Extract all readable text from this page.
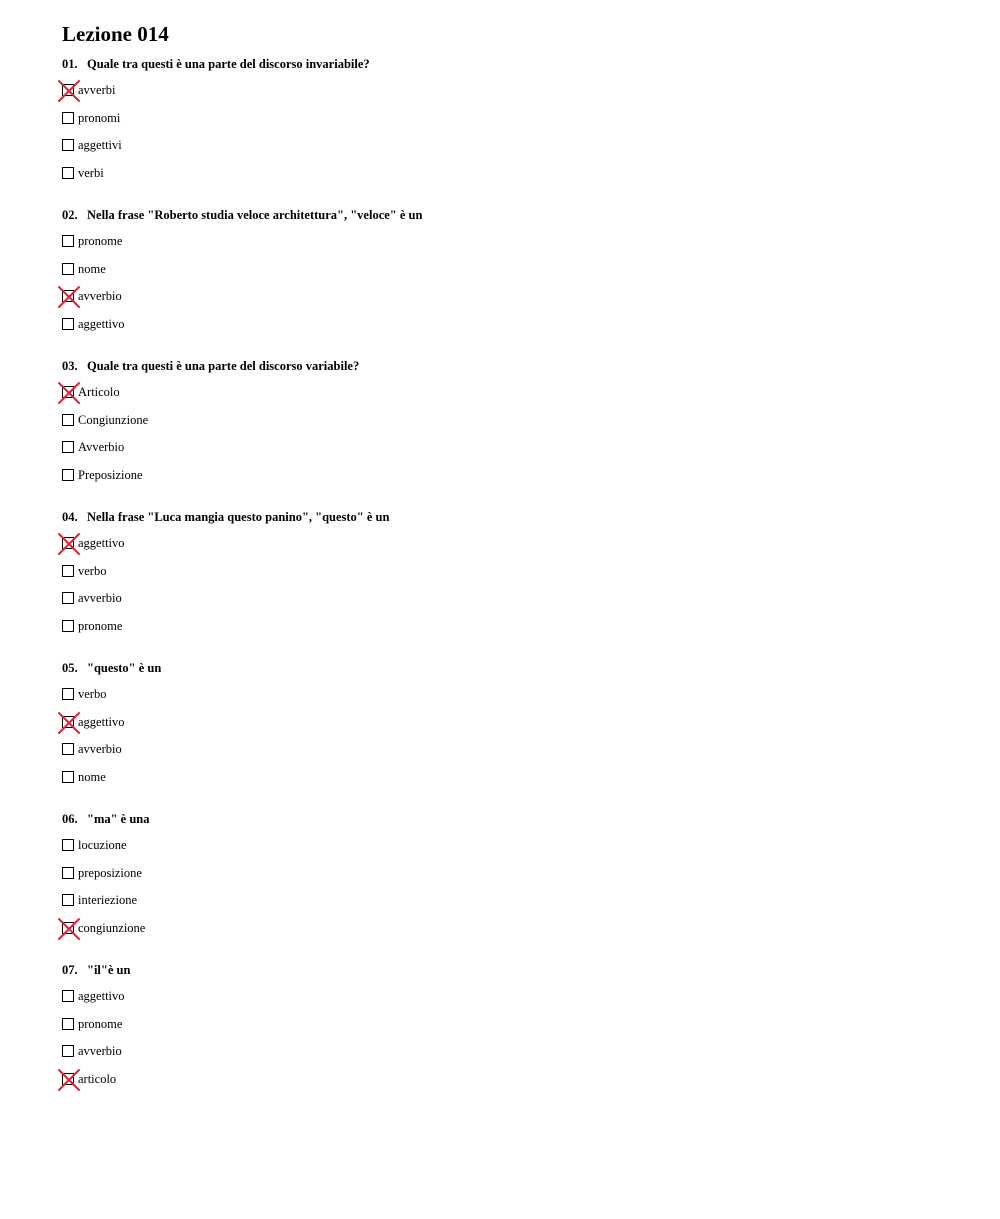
Lezione 014
01. Quale tra questi è una parte del discorso invariabile?
avverbi
pronomi
aggettivi
verbi
02. Nella frase "Roberto studia veloce architettura", "veloce" è un
pronome
nome
avverbio
aggettivo
03. Quale tra questi è una parte del discorso variabile?
Articolo
Congiunzione
Avverbio
Preposizione
04. Nella frase "Luca mangia questo panino", "questo" è un
aggettivo
verbo
avverbio
pronome
05. "questo" è un
verbo
aggettivo
avverbio
nome
06. "ma" è una
locuzione
preposizione
interiezione
congiunzione
07. "il"è un
aggettivo
pronome
avverbio
articolo
